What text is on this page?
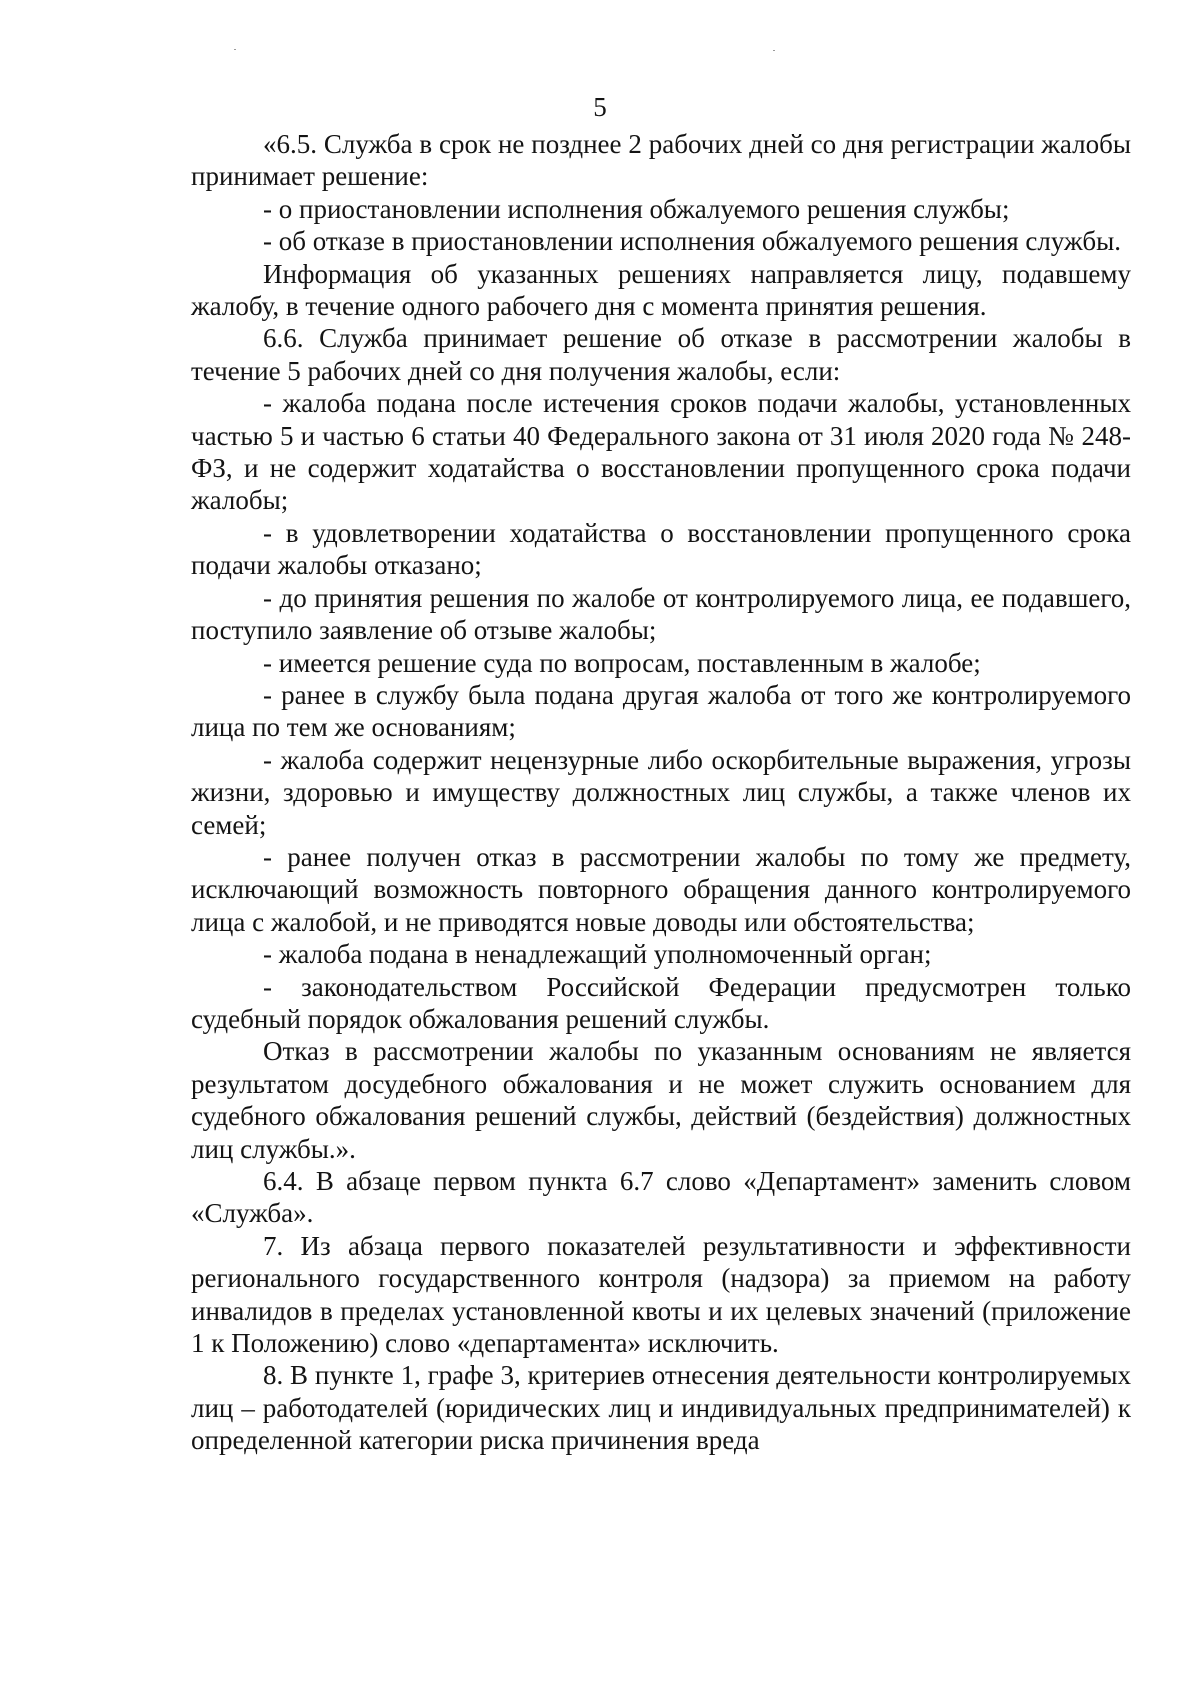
5

«6.5. Служба в срок не позднее 2 рабочих дней со дня регистрации жалобы принимает решение:

- о приостановлении исполнения обжалуемого решения службы;

- об отказе в приостановлении исполнения обжалуемого решения службы.

Информация об указанных решениях направляется лицу, подавшему жалобу, в течение одного рабочего дня с момента принятия решения.

6.6. Служба принимает решение об отказе в рассмотрении жалобы в течение 5 рабочих дней со дня получения жалобы, если:

- жалоба подана после истечения сроков подачи жалобы, установленных частью 5 и частью 6 статьи 40 Федерального закона от 31 июля 2020 года № 248-ФЗ, и не содержит ходатайства о восстановлении пропущенного срока подачи жалобы;

- в удовлетворении ходатайства о восстановлении пропущенного срока подачи жалобы отказано;

- до принятия решения по жалобе от контролируемого лица, ее подавшего, поступило заявление об отзыве жалобы;

- имеется решение суда по вопросам, поставленным в жалобе;

- ранее в службу была подана другая жалоба от того же контролируемого лица по тем же основаниям;

- жалоба содержит нецензурные либо оскорбительные выражения, угрозы жизни, здоровью и имуществу должностных лиц службы, а также членов их семей;

- ранее получен отказ в рассмотрении жалобы по тому же предмету, исключающий возможность повторного обращения данного контролируемого лица с жалобой, и не приводятся новые доводы или обстоятельства;

- жалоба подана в ненадлежащий уполномоченный орган;

- законодательством Российской Федерации предусмотрен только судебный порядок обжалования решений службы.

Отказ в рассмотрении жалобы по указанным основаниям не является результатом досудебного обжалования и не может служить основанием для судебного обжалования решений службы, действий (бездействия) должностных лиц службы.».

6.4. В абзаце первом пункта 6.7 слово «Департамент» заменить словом «Служба».

7. Из абзаца первого показателей результативности и эффективности регионального государственного контроля (надзора) за приемом на работу инвалидов в пределах установленной квоты и их целевых значений (приложение 1 к Положению) слово «департамента» исключить.

8. В пункте 1, графе 3, критериев отнесения деятельности контролируемых лиц – работодателей (юридических лиц и индивидуальных предпринимателей) к определенной категории риска причинения вреда
